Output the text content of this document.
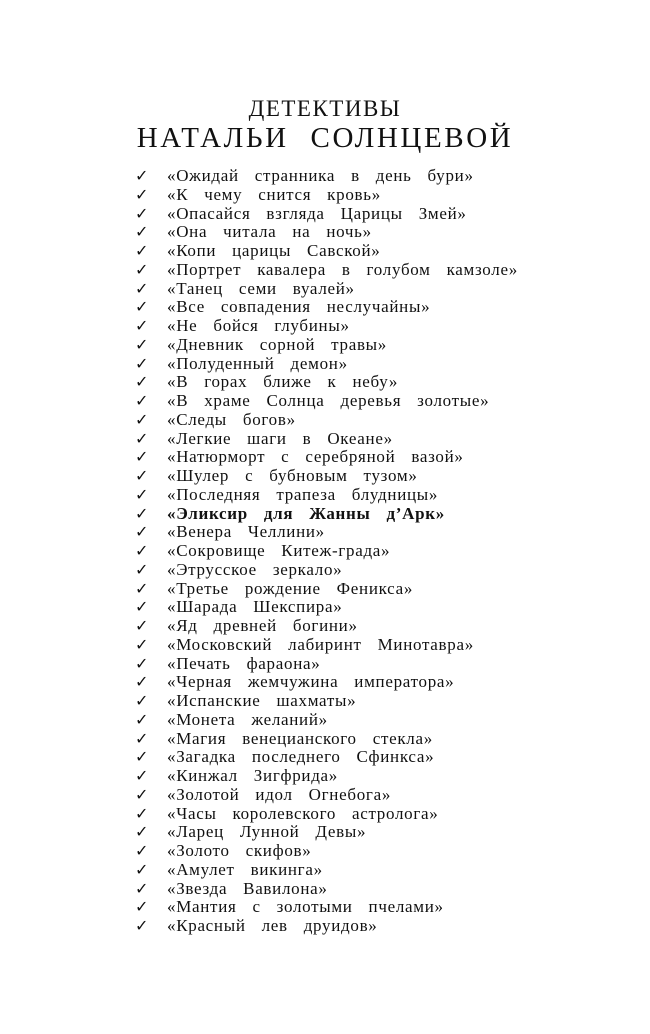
ДЕТЕКТИВЫ
НАТАЛЬИ СОЛНЦЕВОЙ
✓ «Ожидай странника в день бури»
✓ «К чему снится кровь»
✓ «Опасайся взгляда Царицы Змей»
✓ «Она читала на ночь»
✓ «Копи царицы Савской»
✓ «Портрет кавалера в голубом камзоле»
✓ «Танец семи вуалей»
✓ «Все совпадения неслучайны»
✓ «Не бойся глубины»
✓ «Дневник сорной травы»
✓ «Полуденный демон»
✓ «В горах ближе к небу»
✓ «В храме Солнца деревья золотые»
✓ «Следы богов»
✓ «Легкие шаги в Океане»
✓ «Натюрморт с серебряной вазой»
✓ «Шулер с бубновым тузом»
✓ «Последняя трапеза блудницы»
✓ «Эликсир для Жанны д’Арк»
✓ «Венера Челлини»
✓ «Сокровище Китеж-града»
✓ «Этрусское зеркало»
✓ «Третье рождение Феникса»
✓ «Шарада Шекспира»
✓ «Яд древней богини»
✓ «Московский лабиринт Минотавра»
✓ «Печать фараона»
✓ «Черная жемчужина императора»
✓ «Испанские шахматы»
✓ «Монета желаний»
✓ «Магия венецианского стекла»
✓ «Загадка последнего Сфинкса»
✓ «Кинжал Зигфрида»
✓ «Золотой идол Огнебога»
✓ «Часы королевского астролога»
✓ «Ларец Лунной Девы»
✓ «Золото скифов»
✓ «Амулет викинга»
✓ «Звезда Вавилона»
✓ «Мантия с золотыми пчелами»
✓ «Красный лев друидов»
